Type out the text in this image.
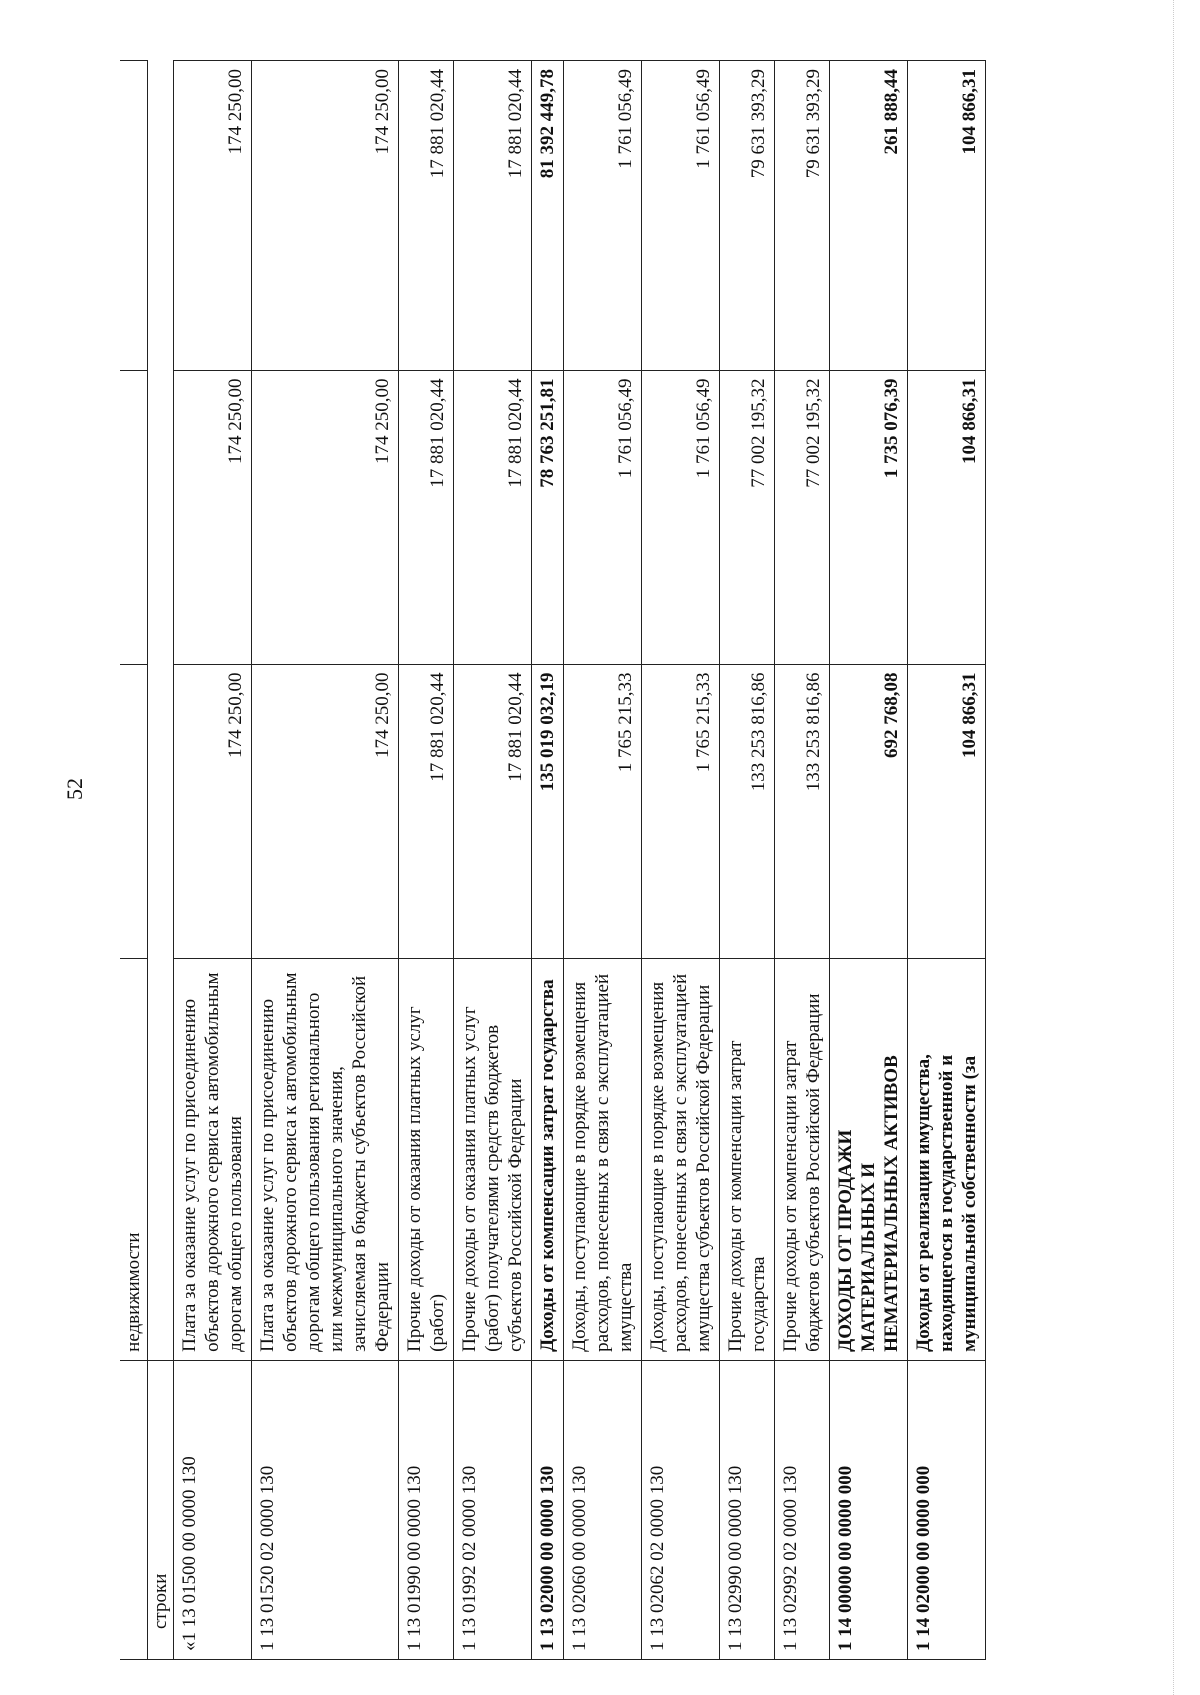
52
	недвижимости			
строки				
«1 13 01500 00 0000 130	Плата за оказание услуг по присоединению объектов дорожного сервиса к автомобильным дорогам общего пользования	174 250,00	174 250,00	174 250,00
1 13 01520 02 0000 130	Плата за оказание услуг по присоединению объектов дорожного сервиса к автомобильным дорогам общего пользования регионального или межмуниципального значения, зачисляемая в бюджеты субъектов Российской Федерации	174 250,00	174 250,00	174 250,00
1 13 01990 00 0000 130	Прочие доходы от оказания платных услуг (работ)	17 881 020,44	17 881 020,44	17 881 020,44
1 13 01992 02 0000 130	Прочие доходы от оказания платных услуг (работ) получателями средств бюджетов субъектов Российской Федерации	17 881 020,44	17 881 020,44	17 881 020,44
1 13 02000 00 0000 130	Доходы от компенсации затрат государства	135 019 032,19	78 763 251,81	81 392 449,78
1 13 02060 00 0000 130	Доходы, поступающие в порядке возмещения расходов, понесенных в связи с эксплуатацией имущества	1 765 215,33	1 761 056,49	1 761 056,49
1 13 02062 02 0000 130	Доходы, поступающие в порядке возмещения расходов, понесенных в связи с эксплуатацией имущества субъектов Российской Федерации	1 765 215,33	1 761 056,49	1 761 056,49
1 13 02990 00 0000 130	Прочие доходы от компенсации затрат государства	133 253 816,86	77 002 195,32	79 631 393,29
1 13 02992 02 0000 130	Прочие доходы от компенсации затрат бюджетов субъектов Российской Федерации	133 253 816,86	77 002 195,32	79 631 393,29
1 14 00000 00 0000 000	ДОХОДЫ ОТ ПРОДАЖИ МАТЕРИАЛЬНЫХ И НЕМАТЕРИАЛЬНЫХ АКТИВОВ	692 768,08	1 735 076,39	261 888,44
1 14 02000 00 0000 000	Доходы от реализации имущества, находящегося в государственной и муниципальной собственности (за	104 866,31	104 866,31	104 866,31
